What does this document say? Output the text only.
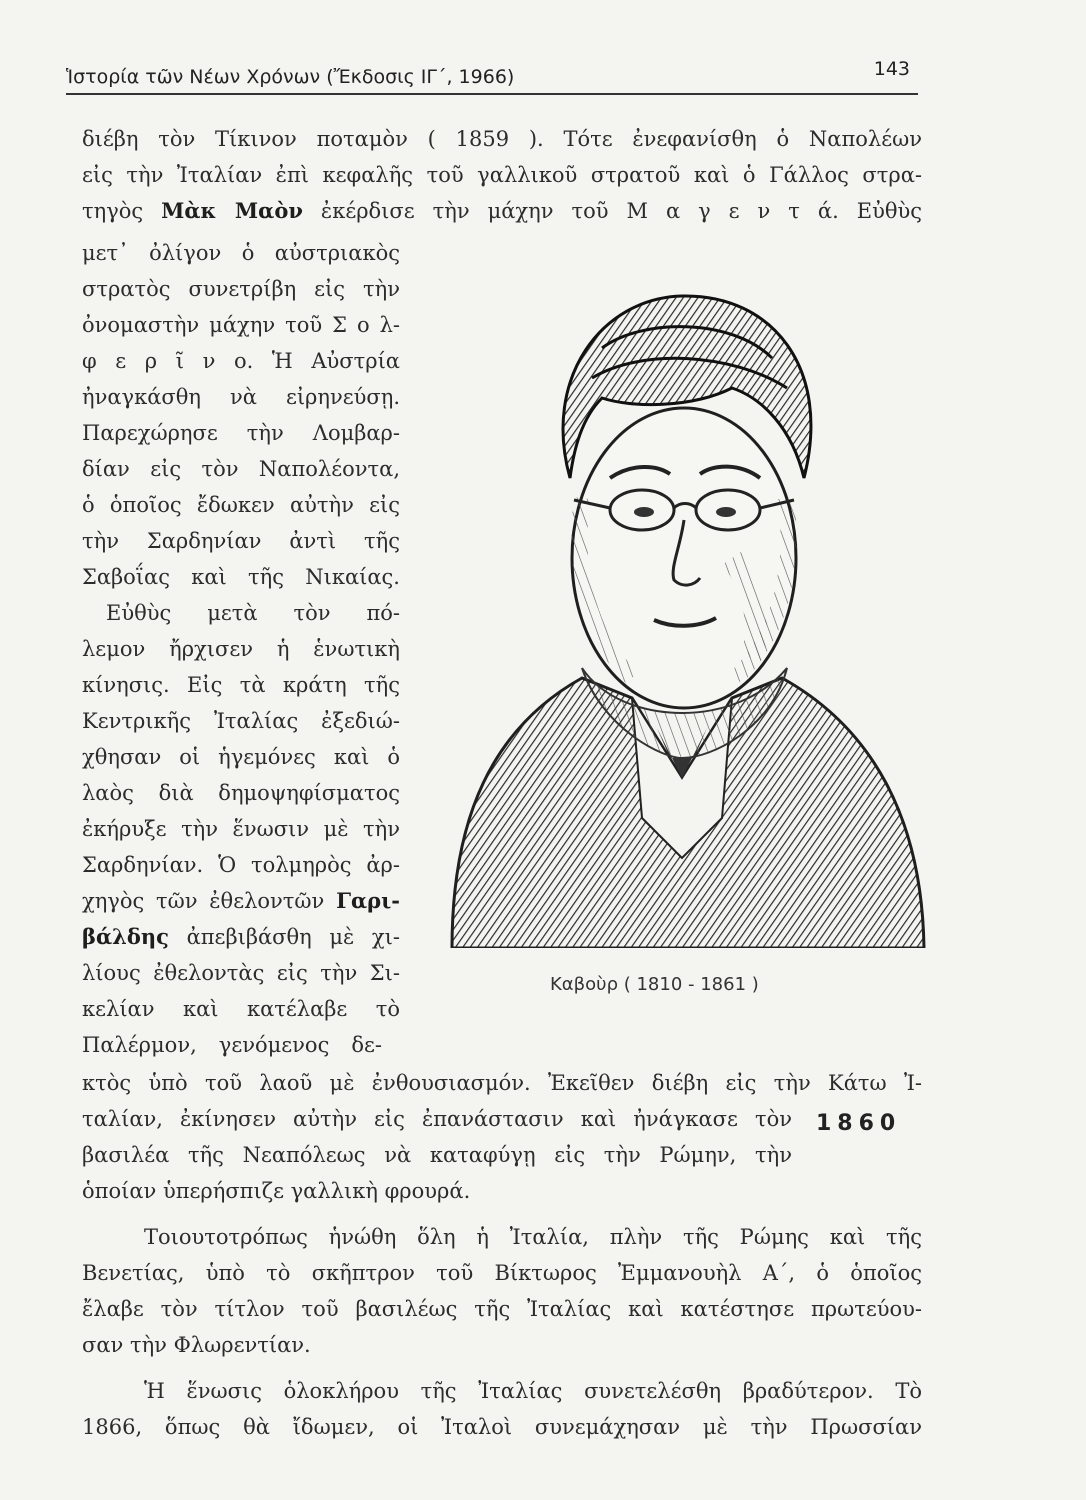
Ἱστορία τῶν Νέων Χρόνων (Ἔκδοσις ΙΓ΄, 1966)	143
διέβη τὸν Τίκινον ποταμὸν ( 1859 ). Τότε ἐνεφανίσθη ὁ Ναπολέων
εἰς τὴν Ἰταλίαν ἐπὶ κεφαλῆς τοῦ γαλλικοῦ στρατοῦ καὶ ὁ Γάλλος στρα-
τηγὸς Μὰκ Μαὸν ἐκέρδισε τὴν μάχην τοῦ Μ α γ ε ν τ ά. Εὐθὺς
μετ᾽ ὀλίγον ὁ αὐστριακὸς
στρατὸς συνετρίβη εἰς τὴν
ὀνομαστὴν μάχην τοῦ Σ ο λ-
φ ε ρ ῖ ν ο. Ἡ Αὐστρία
ἠναγκάσθη νὰ εἰρηνεύσῃ.
Παρεχώρησε τὴν Λομβαρ-
δίαν εἰς τὸν Ναπολέοντα,
ὁ ὁποῖος ἔδωκεν αὐτὴν εἰς
τὴν Σαρδηνίαν ἀντὶ τῆς
Σαβοΐας καὶ τῆς Νικαίας.
Εὐθὺς μετὰ τὸν πό-
λεμον ἤρχισεν ἡ ἑνωτικὴ
κίνησις. Εἰς τὰ κράτη τῆς
Κεντρικῆς Ἰταλίας ἐξεδιώ-
χθησαν οἱ ἡγεμόνες καὶ ὁ
λαὸς διὰ δημοψηφίσματος
ἐκήρυξε τὴν ἕνωσιν μὲ τὴν
Σαρδηνίαν. Ὁ τολμηρὸς ἀρ-
χηγὸς τῶν ἐθελοντῶν Γαρι-
βάλδης ἀπεβιβάσθη μὲ χι-
λίους ἐθελοντὰς εἰς τὴν Σι-
κελίαν καὶ κατέλαβε τὸ
Παλέρμον, γενόμενος δε-
κτὸς ὑπὸ τοῦ λαοῦ μὲ ἐνθουσιασμόν. Ἐκεῖθεν διέβη εἰς τὴν Κάτω Ἰ-
ταλίαν, ἐκίνησεν αὐτὴν εἰς ἐπανάστασιν καὶ ἠνάγκασε τὸν
βασιλέα τῆς Νεαπόλεως νὰ καταφύγῃ εἰς τὴν Ρώμην, τὴν
ὁποίαν ὑπερήσπιζε γαλλικὴ φρουρά.
Τοιουτοτρόπως ἡνώθη ὅλη ἡ Ἰταλία, πλὴν τῆς Ρώμης καὶ τῆς
Βενετίας, ὑπὸ τὸ σκῆπτρον τοῦ Βίκτωρος Ἐμμανουὴλ Α΄, ὁ ὁποῖος
ἔλαβε τὸν τίτλον τοῦ βασιλέως τῆς Ἰταλίας καὶ κατέστησε πρωτεύου-
σαν τὴν Φλωρεντίαν.
Ἡ ἕνωσις ὁλοκλήρου τῆς Ἰταλίας συνετελέσθη βραδύτερον. Τὸ
1866, ὅπως θὰ ἴδωμεν, οἱ Ἰταλοὶ συνεμάχησαν μὲ τὴν Πρωσσίαν
1860
Καβοὺρ ( 1810 - 1861 )
